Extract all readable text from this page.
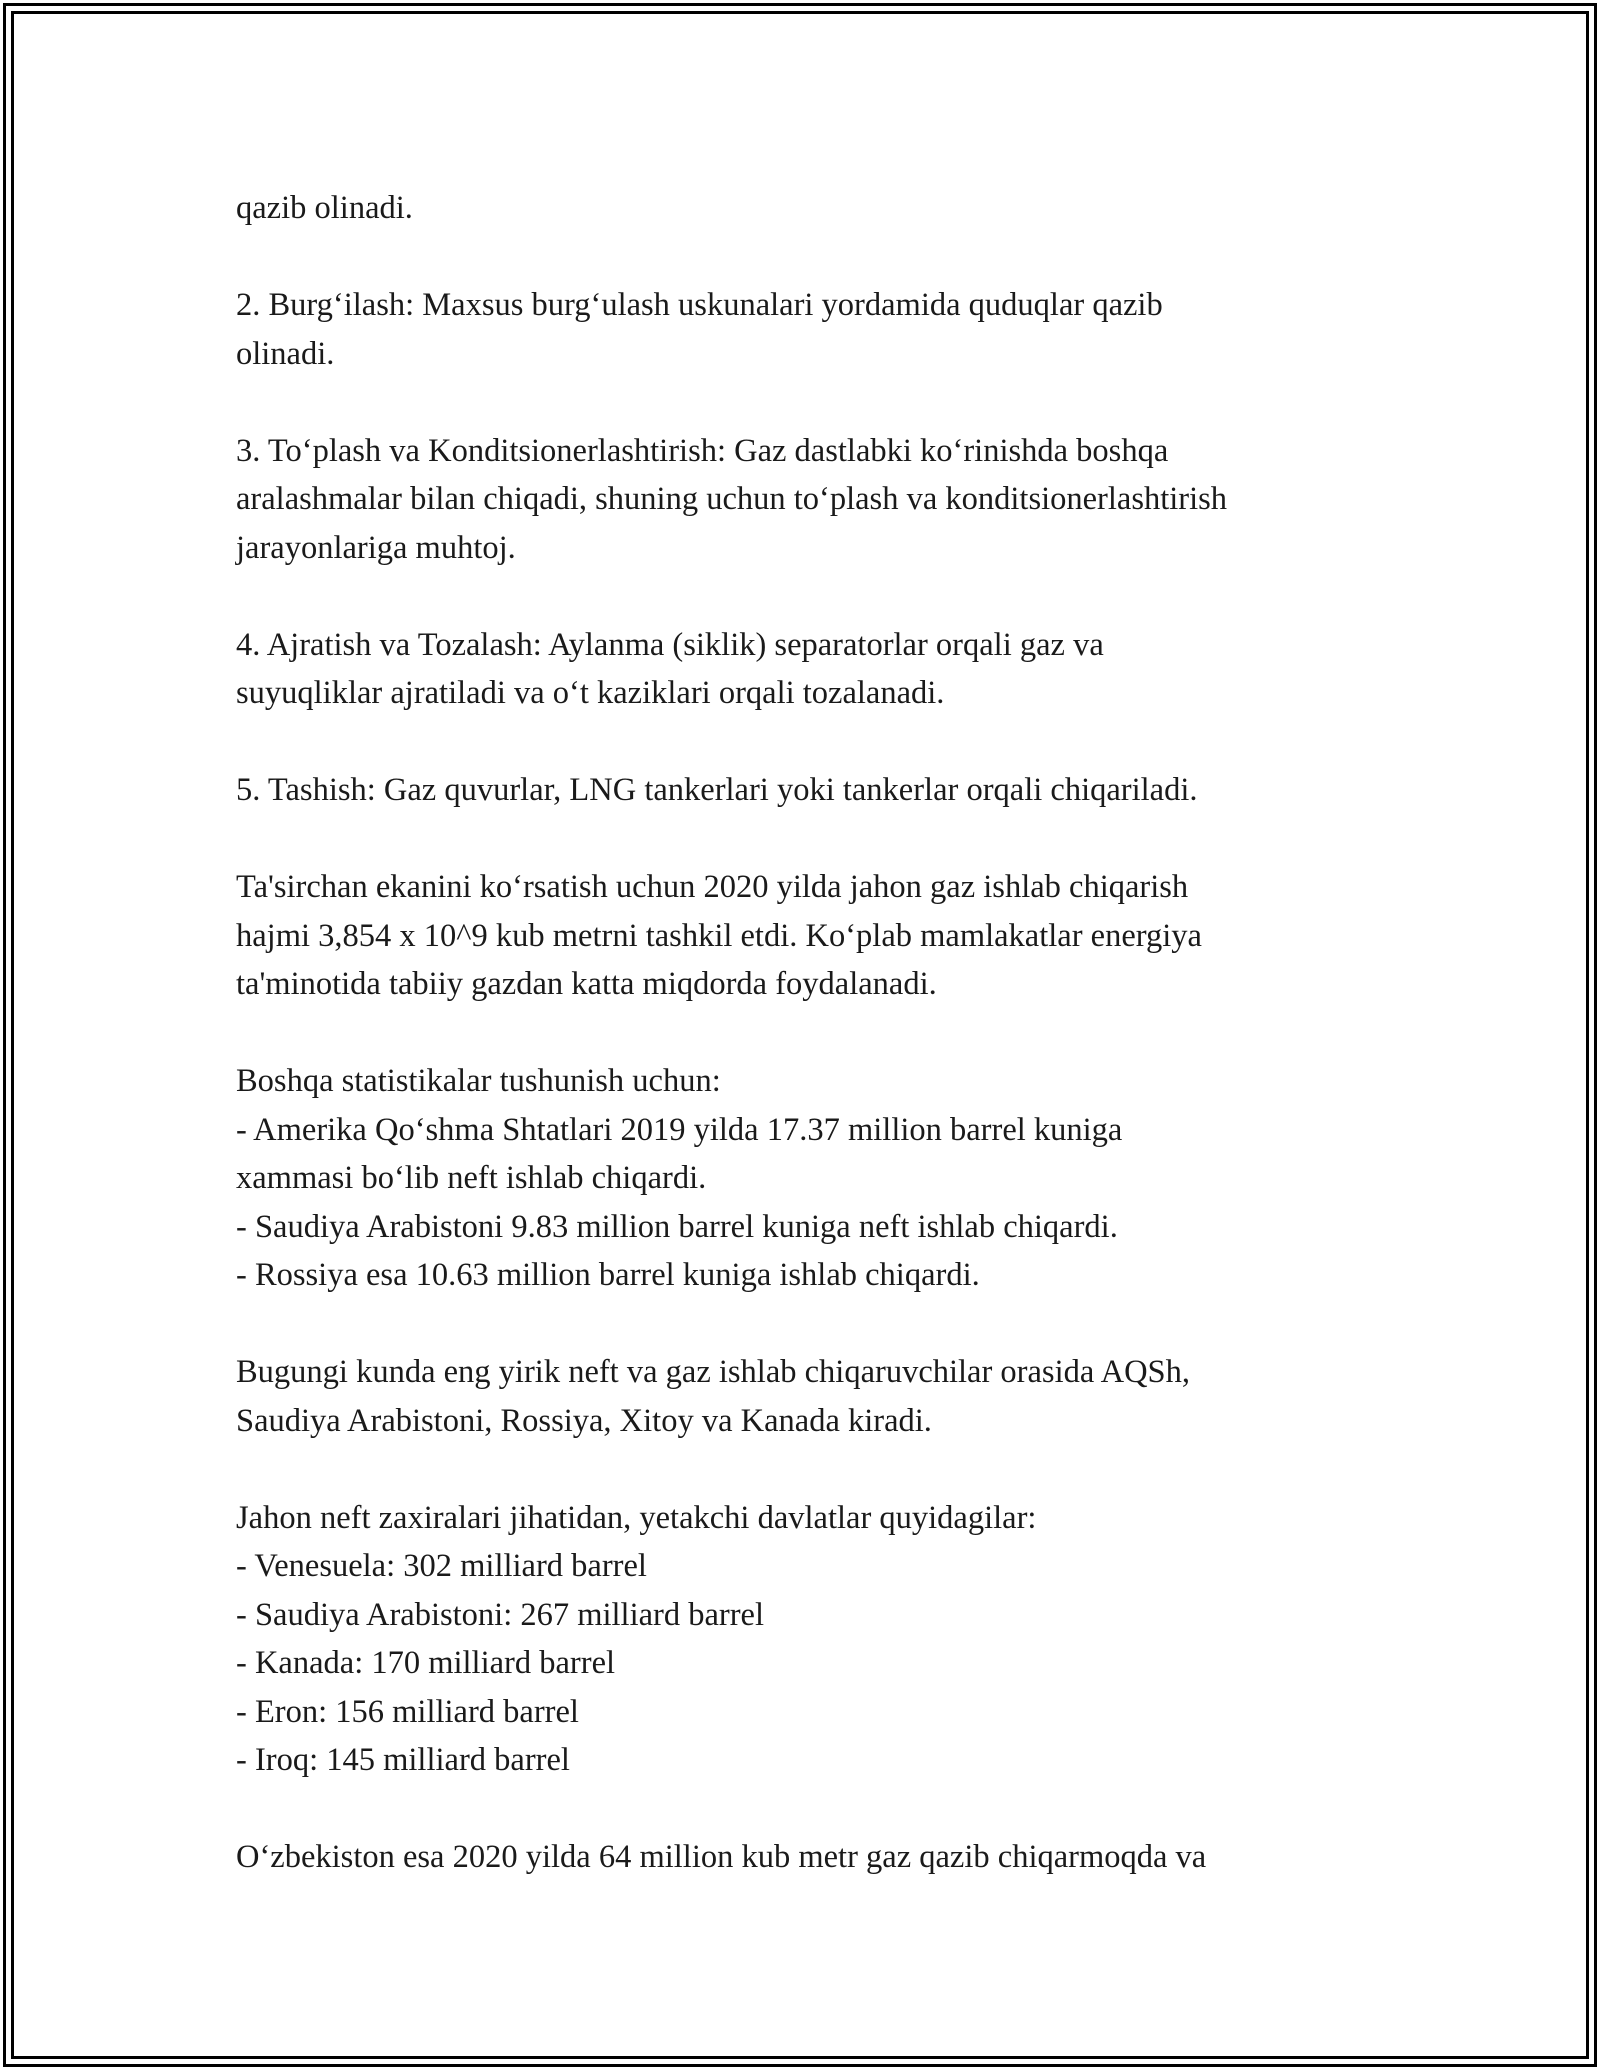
qazib olinadi.
2. Burg‘ilash: Maxsus burg‘ulash uskunalari yordamida quduqlar qazib
olinadi.
3. To‘plash va Konditsionerlashtirish: Gaz dastlabki ko‘rinishda boshqa
aralashmalar bilan chiqadi, shuning uchun to‘plash va konditsionerlashtirish
jarayonlariga muhtoj.
4. Ajratish va Tozalash: Aylanma (siklik) separatorlar orqali gaz va
suyuqliklar ajratiladi va o‘t kaziklari orqali tozalanadi.
5. Tashish: Gaz quvurlar, LNG tankerlari yoki tankerlar orqali chiqariladi.
Ta'sirchan ekanini ko‘rsatish uchun 2020 yilda jahon gaz ishlab chiqarish
hajmi 3,854 x 10^9 kub metrni tashkil etdi. Ko‘plab mamlakatlar energiya
ta'minotida tabiiy gazdan katta miqdorda foydalanadi.
Boshqa statistikalar tushunish uchun:
- Amerika Qo‘shma Shtatlari 2019 yilda 17.37 million barrel kuniga
xammasi bo‘lib neft ishlab chiqardi.
- Saudiya Arabistoni 9.83 million barrel kuniga neft ishlab chiqardi.
- Rossiya esa 10.63 million barrel kuniga ishlab chiqardi.
Bugungi kunda eng yirik neft va gaz ishlab chiqaruvchilar orasida AQSh,
Saudiya Arabistoni, Rossiya, Xitoy va Kanada kiradi.
Jahon neft zaxiralari jihatidan, yetakchi davlatlar quyidagilar:
- Venesuela: 302 milliard barrel
- Saudiya Arabistoni: 267 milliard barrel
- Kanada: 170 milliard barrel
- Eron: 156 milliard barrel
- Iroq: 145 milliard barrel
O‘zbekiston esa 2020 yilda 64 million kub metr gaz qazib chiqarmoqda va
